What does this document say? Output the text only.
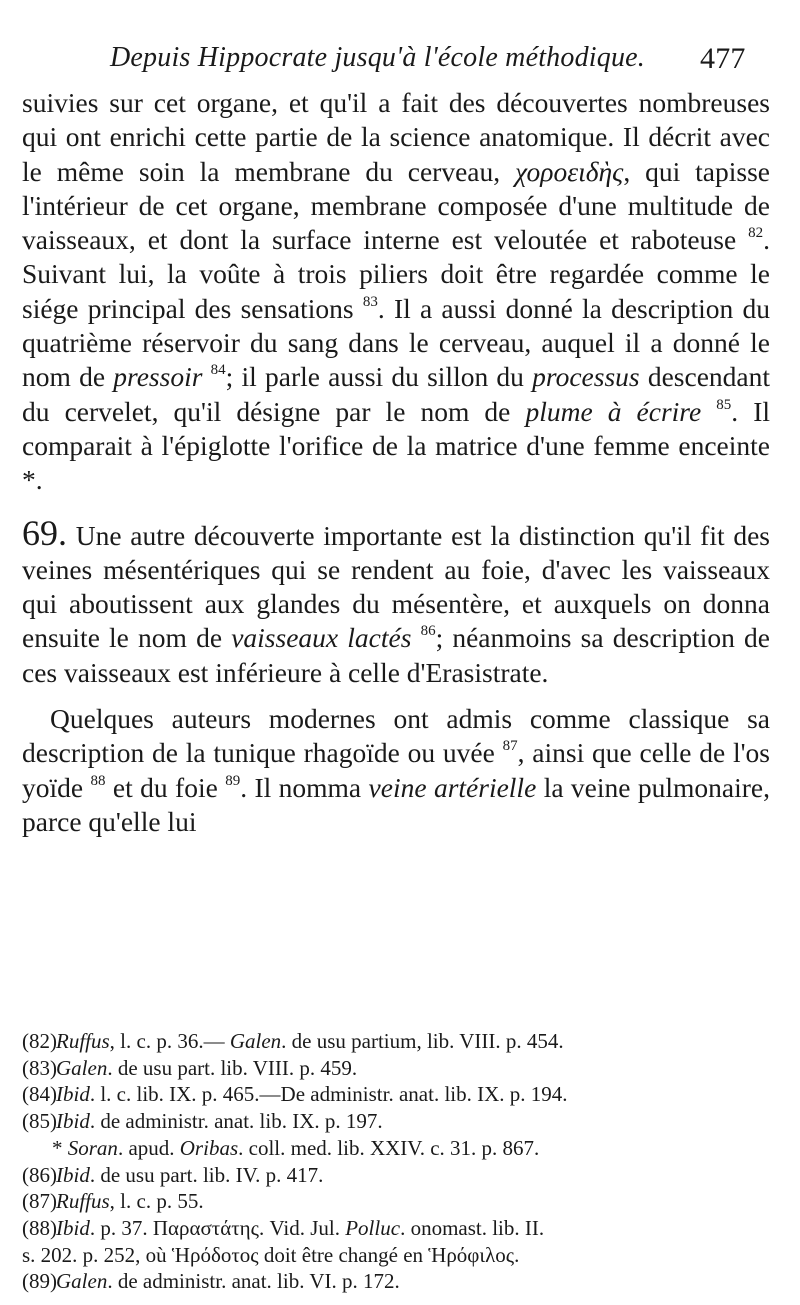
Depuis Hippocrate jusqu'à l'école méthodique. 477

suivies sur cet organe, et qu'il a fait des découvertes nombreuses qui ont enrichi cette partie de la science anatomique. Il décrit avec le même soin la membrane du cerveau, χοροειδὴς, qui tapisse l'intérieur de cet organe, membrane composée d'une multitude de vaisseaux, et dont la surface interne est veloutée et raboteuse $^{82}$. Suivant lui, la voûte à trois piliers doit être regardée comme le siége principal des sensations $^{83}$. Il a aussi donné la description du quatrième réservoir du sang dans le cerveau, auquel il a donné le nom de pressoir $^{84}$; il parle aussi du sillon du processus descendant du cervelet, qu'il désigne par le nom de plume à écrire $^{85}$. Il comparait à l'épiglotte l'orifice de la matrice d'une femme enceinte *.

69. Une autre découverte importante est la distinction qu'il fit des veines mésentériques qui se rendent au foie, d'avec les vaisseaux qui aboutissent aux glandes du mésentère, et auxquels on donna ensuite le nom de vaisseaux lactés $^{86}$; néanmoins sa description de ces vaisseaux est inférieure à celle d'Erasistrate.

Quelques auteurs modernes ont admis comme classique sa description de la tunique rhagoïde ou uvée $^{87}$, ainsi que celle de l'os yoïde $^{88}$ et du foie $^{89}$. Il nomma veine artérielle la veine pulmonaire, parce qu'elle lui

(82)Ruffus, l. c. p. 36.— Galen. de usu partium, lib. VIII. p. 454.
(83)Galen. de usu part. lib. VIII. p. 459.
(84)Ibid. l. c. lib. IX. p. 465.—De administr. anat. lib. IX. p. 194.
(85)Ibid. de administr. anat. lib. IX. p. 197.
* Soran. apud. Oribas. coll. med. lib. XXIV. c. 31. p. 867.
(86)Ibid. de usu part. lib. IV. p. 417.
(87)Ruffus, l. c. p. 55.
(88)Ibid. p. 37. Παραστάτης. Vid. Jul. Polluc. onomast. lib. II.
s. 202. p. 252, où Ἡρόδοτος doit être changé en Ἡρόφιλος.
(89)Galen. de administr. anat. lib. VI. p. 172.
